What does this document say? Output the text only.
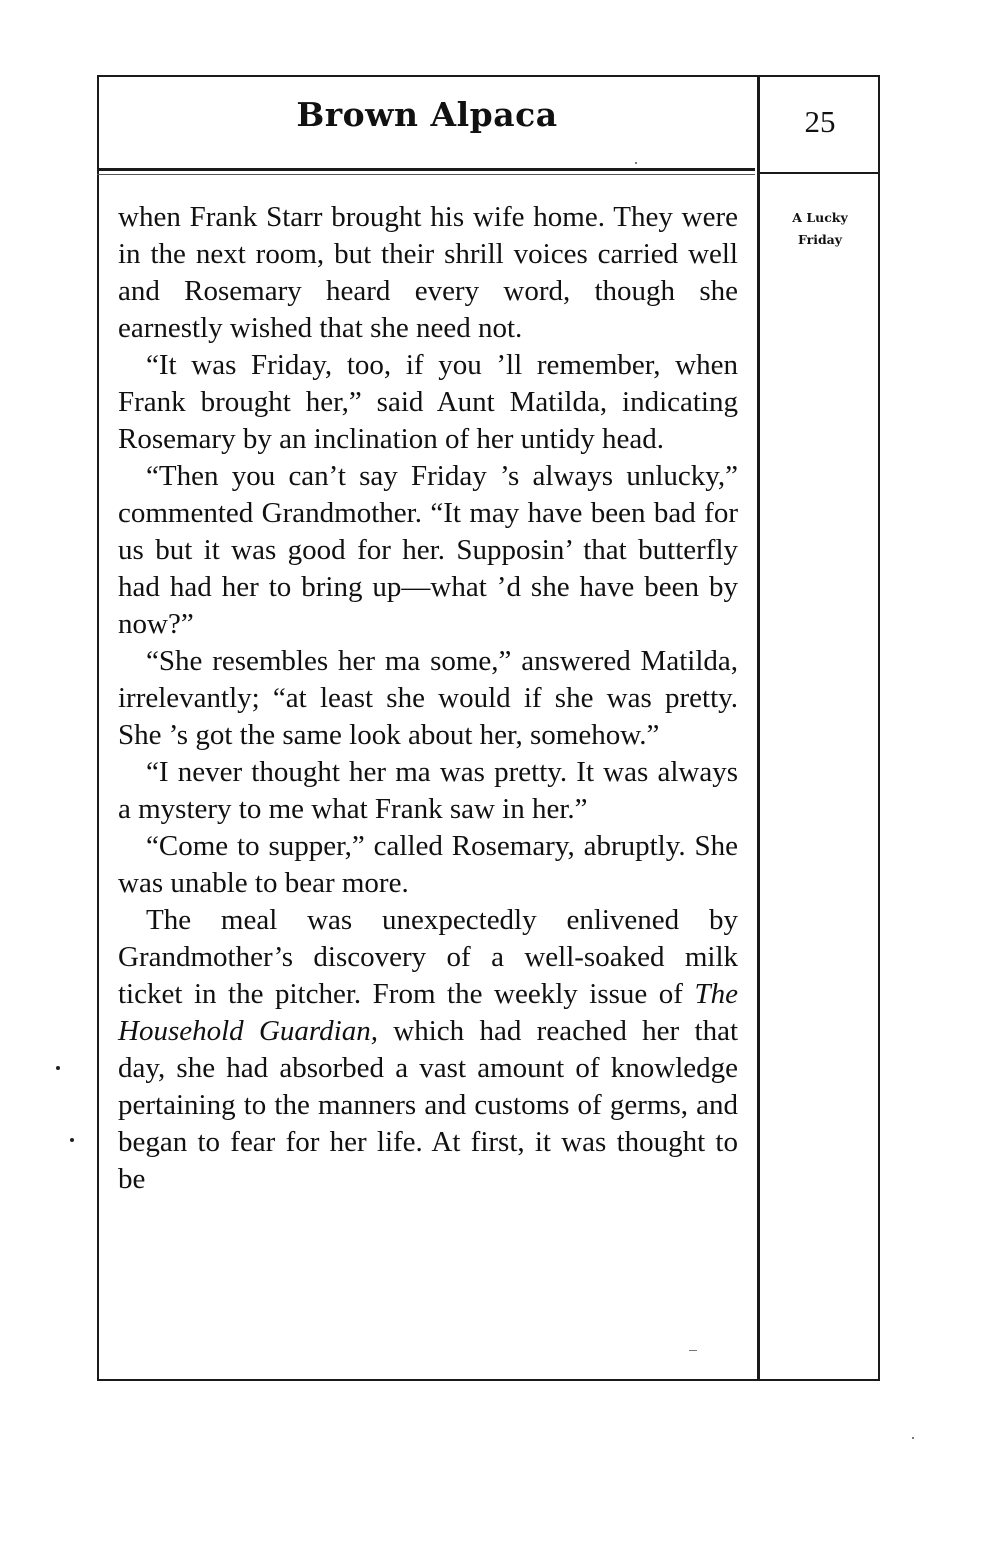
Brown Alpaca	25
A Lucky
Friday

when Frank Starr brought his wife home. They were in the next room, but their shrill voices carried well and Rosemary heard every word, though she earnestly wished that she need not.

“It was Friday, too, if you ’ll remember, when Frank brought her,” said Aunt Matilda, indicating Rosemary by an inclination of her untidy head.

“Then you can’t say Friday ’s always unlucky,” commented Grandmother. “It may have been bad for us but it was good for her. Supposin’ that butterfly had had her to bring up—what ’d she have been by now?”

“She resembles her ma some,” answered Matilda, irrelevantly; “at least she would if she was pretty. She ’s got the same look about her, somehow.”

“I never thought her ma was pretty. It was always a mystery to me what Frank saw in her.”

“Come to supper,” called Rosemary, abruptly. She was unable to bear more.

The meal was unexpectedly enlivened by Grandmother’s discovery of a well-soaked milk ticket in the pitcher. From the weekly issue of The Household Guardian, which had reached her that day, she had absorbed a vast amount of knowledge pertaining to the manners and customs of germs, and began to fear for her life. At first, it was thought to be
